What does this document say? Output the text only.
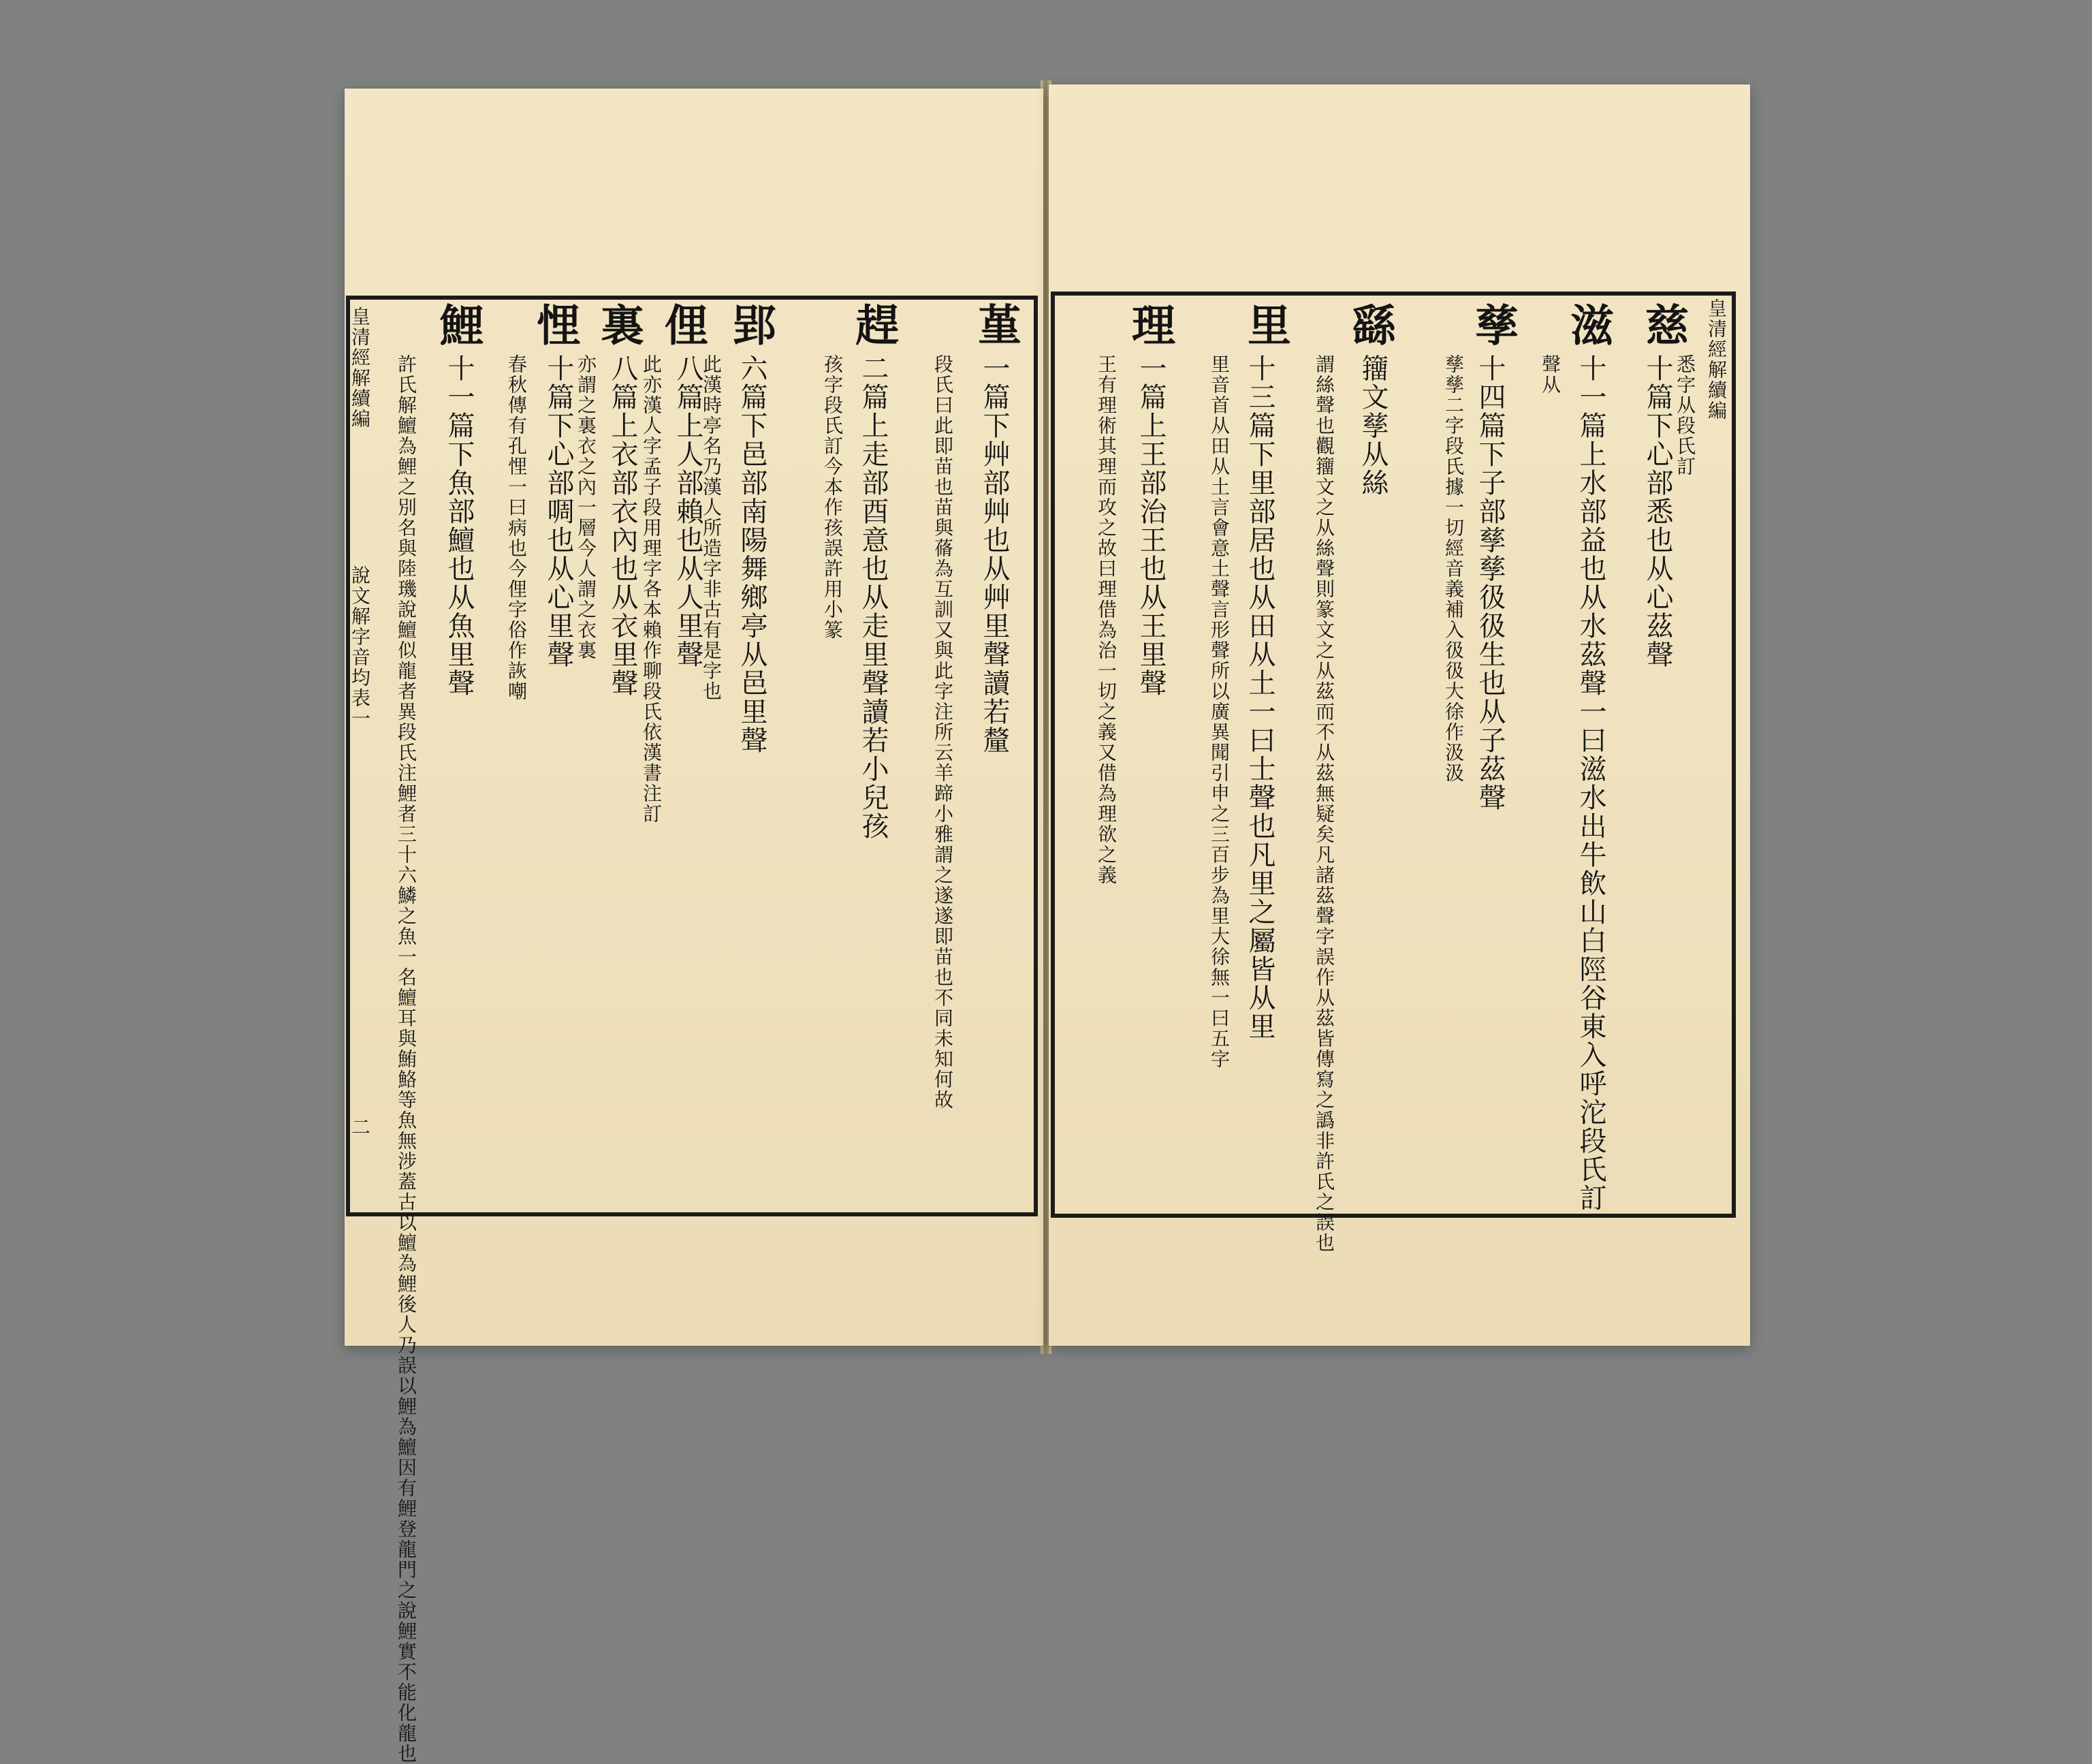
皇清經解續編
慈
十篇下心部悉也从心茲聲 悉字从段氏訂
滋
十一篇上水部益也从水茲聲一曰滋水出牛飲山白陘谷東入呼沱段氏訂
聲从
孳
十四篇下子部孳孳彶彶生也从子茲聲
孳孳二字段氏據一切經音義補入彶彶大徐作汲汲
繇
籒文孳从絲
謂絲聲也觀籒文之从絲聲則篆文之从茲而不从茲無疑矣凡諸茲聲字誤作从茲皆傳寫之譌非許氏之誤也
里
十三篇下里部居也从田从土一曰士聲也凡里之屬皆从里
里音首从田从土言會意土聲言形聲所以廣異聞引申之三百步為里大徐無一曰五字
理
一篇上王部治王也从王里聲
王有理術其理而攻之故曰理借為治一切之義又借為理欲之義
堇
一篇下艸部艸也从艸里聲讀若釐
段氏曰此即苗也苗與蓨為互訓又與此字注所云羊蹄小雅謂之遂遂即苗也不同未知何故
趕
二篇上走部酉意也从走里聲讀若小兒孩
孩字段氏訂今本作孩誤許用小篆
郢
六篇下邑部南陽舞鄉亭从邑里聲
此漢時亭名乃漢人所造字非古有是字也
俚
八篇上人部賴也从人里聲
此亦漢人字孟子段用理字各本賴作聊段氏依漢書注訂
裏
八篇上衣部衣內也从衣里聲
亦謂之裏衣之內一層今人謂之衣裏
悝
十篇下心部啁也从心里聲
春秋傳有孔悝一曰病也今俚字俗作詼嘲
鯉
十一篇下魚部鱣也从魚里聲
許氏解鱣為鯉之別名與陸璣說鱣似龍者異段氏注鯉者三十六鱗之魚一名鱣耳與鮪鮥等魚無涉蓋古以鱣為鯉後人乃誤以鯉為鱣因有鯉登龍門之說鯉實不能化龍也
皇清經解續編
說文解字音均表一
二
